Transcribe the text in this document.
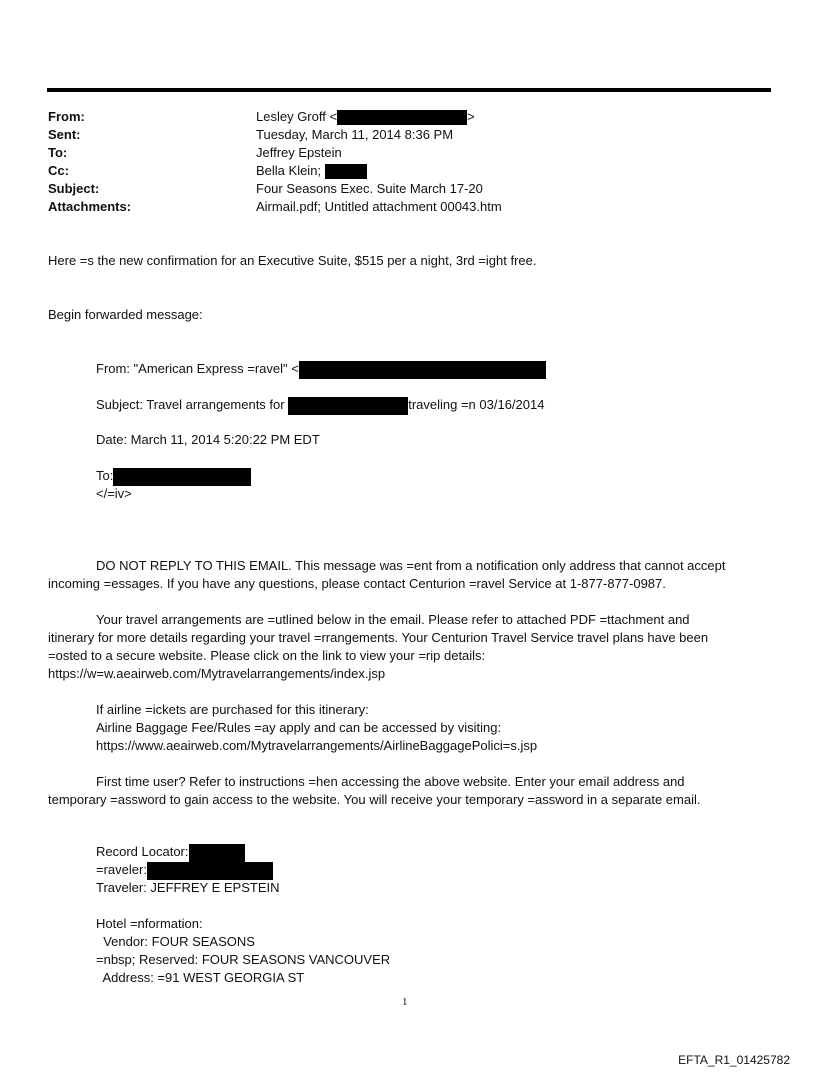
From:	Lesley Groff <	>
Sent:	Tuesday, March 11, 2014 8:36 PM
To:	Jeffrey Epstein
Cc:	Bella Klein;
Subject:	Four Seasons Exec. Suite March 17-20
Attachments:	Airmail.pdf; Untitled attachment 00043.htm
Here =s the new confirmation for an Executive Suite, $515 per a night, 3rd =ight free.
Begin forwarded message:
From: "American Express =ravel" <
Subject: Travel arrangements for	traveling =n 03/16/2014
Date: March 11, 2014 5:20:22 PM EDT
To:
</=iv>
DO NOT REPLY TO THIS EMAIL. This message was =ent from a notification only address that cannot accept
incoming =essages. If you have any questions, please contact Centurion =ravel Service at 1-877-877-0987.
Your travel arrangements are =utlined below in the email. Please refer to attached PDF =ttachment and
itinerary for more details regarding your travel =rrangements. Your Centurion Travel Service travel plans have been
=osted to a secure website. Please click on the link to view your =rip details:
https://w=w.aeairweb.com/Mytravelarrangements/index.jsp
If airline =ickets are purchased for this itinerary:
Airline Baggage Fee/Rules =ay apply and can be accessed by visiting:
https://www.aeairweb.com/Mytravelarrangements/AirlineBaggagePolici=s.jsp
First time user? Refer to instructions =hen accessing the above website. Enter your email address and
temporary =assword to gain access to the website. You will receive your temporary =assword in a separate email.
Record Locator:
=raveler:
Traveler: JEFFREY E EPSTEIN
Hotel =nformation:
Vendor: FOUR SEASONS
=nbsp; Reserved: FOUR SEASONS VANCOUVER
Address: =91 WEST GEORGIA ST
1
EFTA_R1_01425782
